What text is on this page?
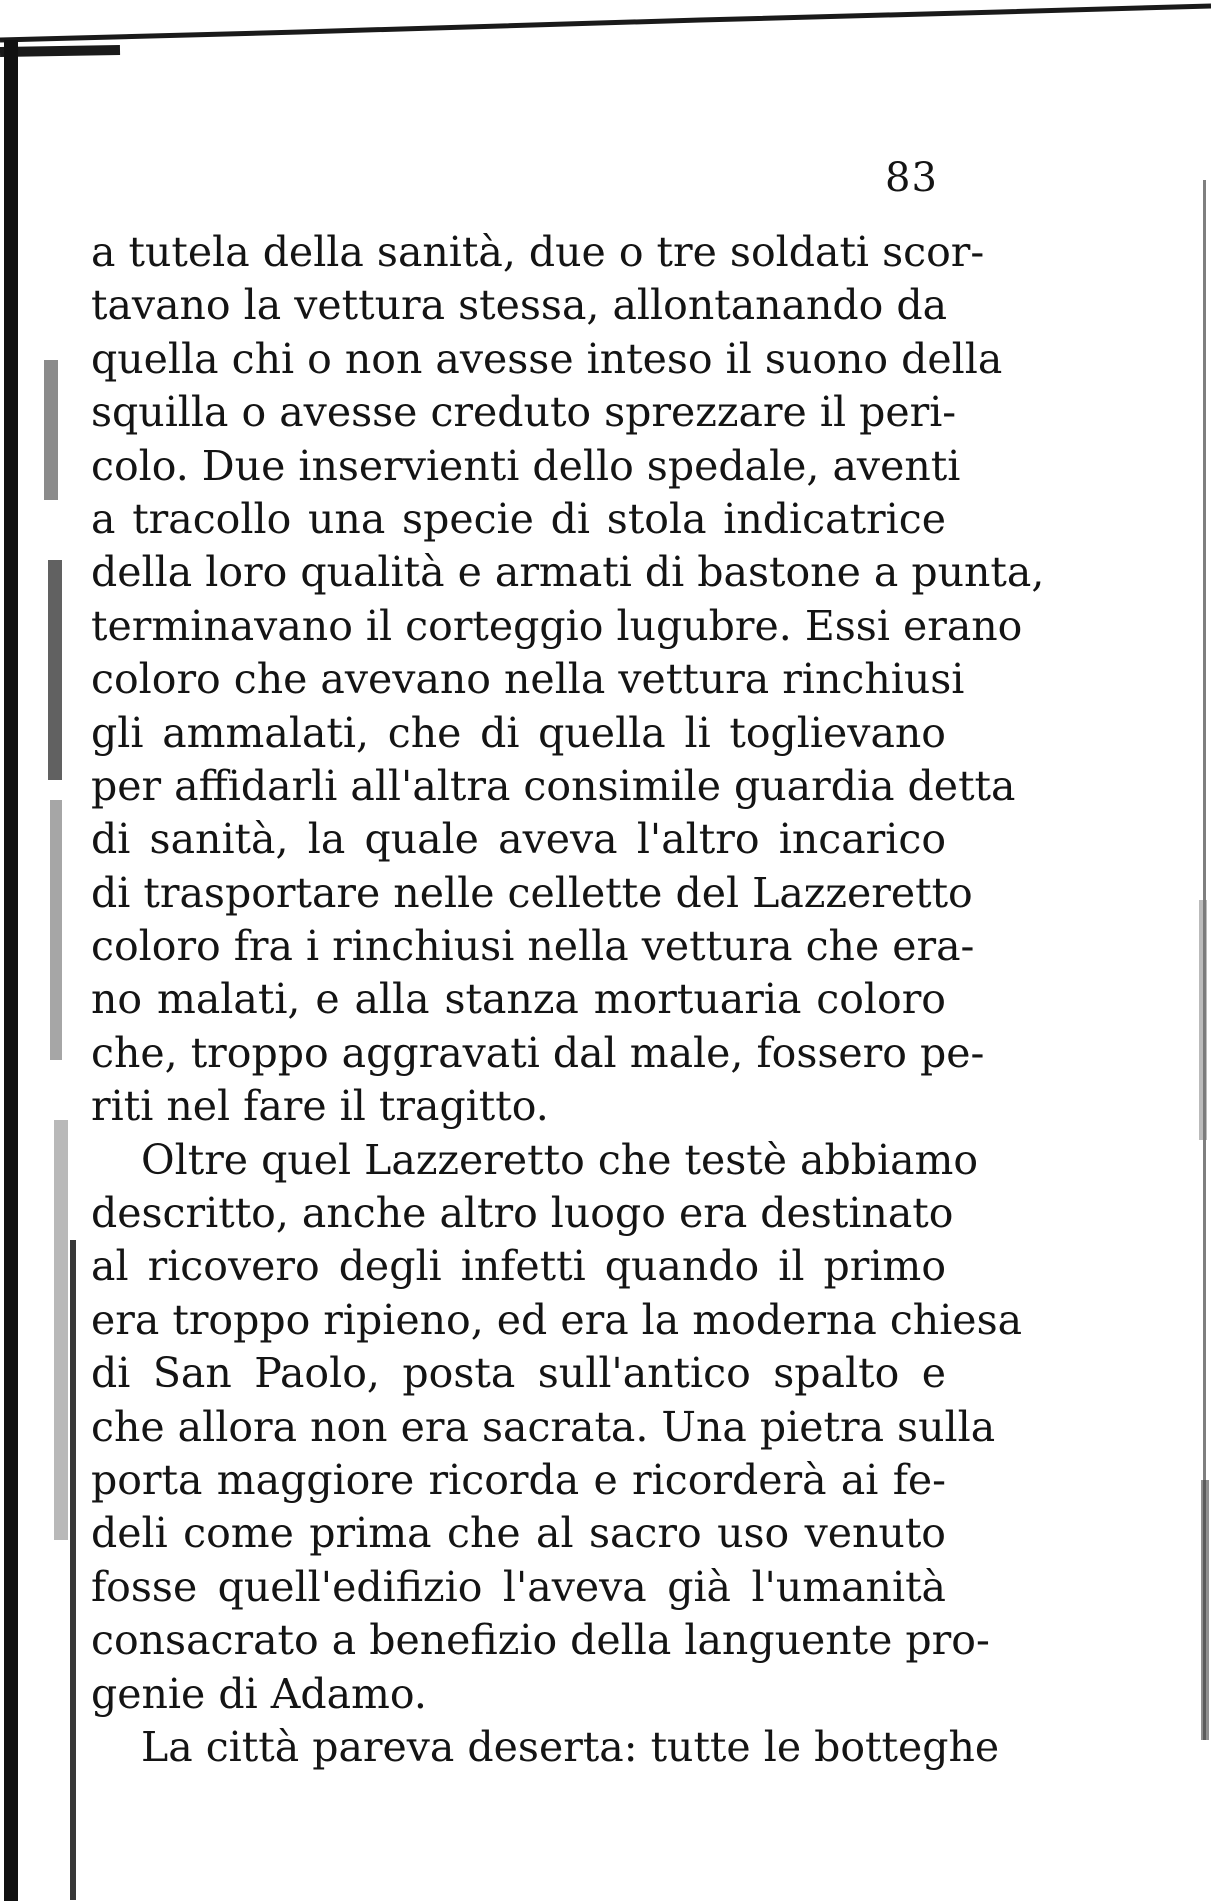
83

a tutela della sanità, due o tre soldati scor-
tavano la vettura stessa, allontanando da
quella chi o non avesse inteso il suono della
squilla o avesse creduto sprezzare il peri-
colo. Due inservienti dello spedale, aventi
a tracollo una specie di stola indicatrice
della loro qualità e armati di bastone a punta,
terminavano il corteggio lugubre. Essi erano
coloro che avevano nella vettura rinchiusi
gli ammalati, che di quella li toglievano
per affidarli all'altra consimile guardia detta
di sanità, la quale aveva l'altro incarico
di trasportare nelle cellette del Lazzeretto
coloro fra i rinchiusi nella vettura che era-
no malati, e alla stanza mortuaria coloro
che, troppo aggravati dal male, fossero pe-
riti nel fare il tragitto.
Oltre quel Lazzeretto che testè abbiamo
descritto, anche altro luogo era destinato
al ricovero degli infetti quando il primo
era troppo ripieno, ed era la moderna chiesa
di San Paolo, posta sull'antico spalto e
che allora non era sacrata. Una pietra sulla
porta maggiore ricorda e ricorderà ai fe-
deli come prima che al sacro uso venuto
fosse quell'edifizio l'aveva già l'umanità
consacrato a benefizio della languente pro-
genie di Adamo.
La città pareva deserta: tutte le botteghe
